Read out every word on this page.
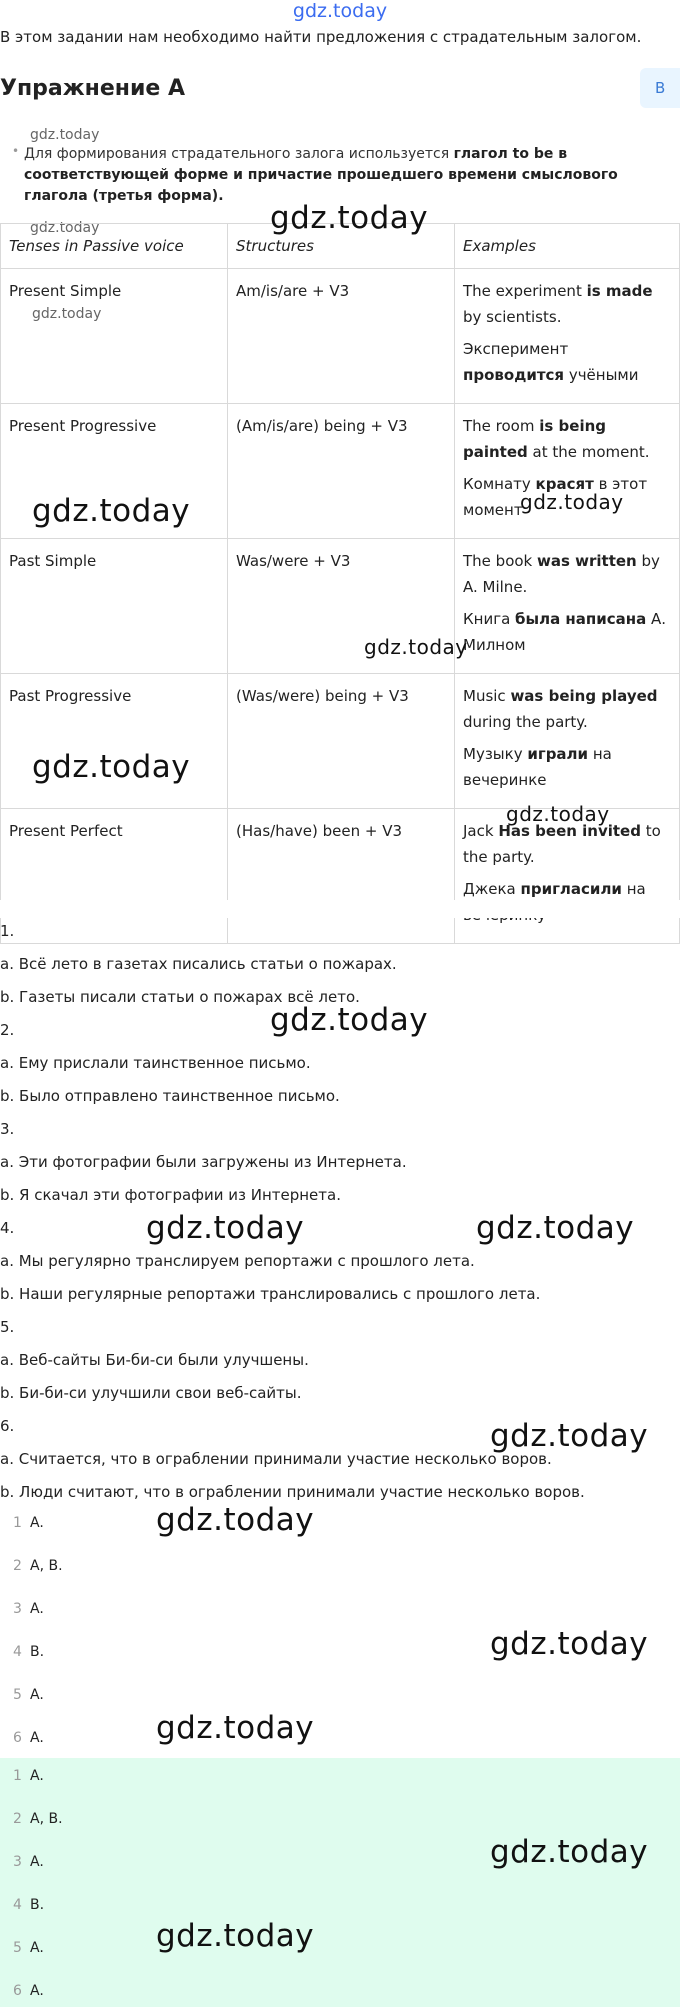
gdz.today
В этом задании нам необходимо найти предложения с страдательным залогом.
Упражнение A	B
gdz.today
• Для формирования страдательного залога используется глагол to be в соответствующей форме и причастие прошедшего времени смыслового глагола (третья форма).
gdz.today
Tenses in Passive voice	Structures	Examples
Present Simple	Am/is/are + V3	The experiment is made by scientists.

Эксперимент проводится учёными

Present Progressive	(Am/is/are) being + V3	The room is being painted at the moment.

Комнату красят в этот момент

Past Simple	Was/were + V3	The book was written by A. Milne.

Книга была написана А. Милном

Past Progressive	(Was/were) being + V3	Music was being played during the party.

Музыку играли на вечеринке

Present Perfect	(Has/have) been + V3	Jack Has been invited to the party.

Джека пригласили на

gdz.today
1.
a. Всё лето в газетах писались статьи о пожарах.
b. Газеты писали статьи о пожарах всё лето.
2.
a. Ему прислали таинственное письмо.
b. Было отправлено таинственное письмо.
3.
a. Эти фотографии были загружены из Интернета.
b. Я скачал эти фотографии из Интернета.
4.
a. Мы регулярно транслируем репортажи с прошлого лета.
b. Наши регулярные репортажи транслировались с прошлого лета.
5.
a. Веб-сайты Би-би-си были улучшены.
b. Би-би-си улучшили свои веб-сайты.
6.
a. Считается, что в ограблении принимали участие несколько воров.
b. Люди считают, что в ограблении принимали участие несколько воров.
1 A.
2 A, B.
3 A.
4 B.
5 A.
6 A.
1 A.
2 A, B.
3 A.
4 B.
5 A.
6 A.
gdz.today
gdz.today	gdz.today
gdz.today
gdz.today
gdz.today
gdz.today
gdz.today	gdz.today
gdz.today
gdz.today
gdz.today
gdz.today
gdz.today
gdz.today
